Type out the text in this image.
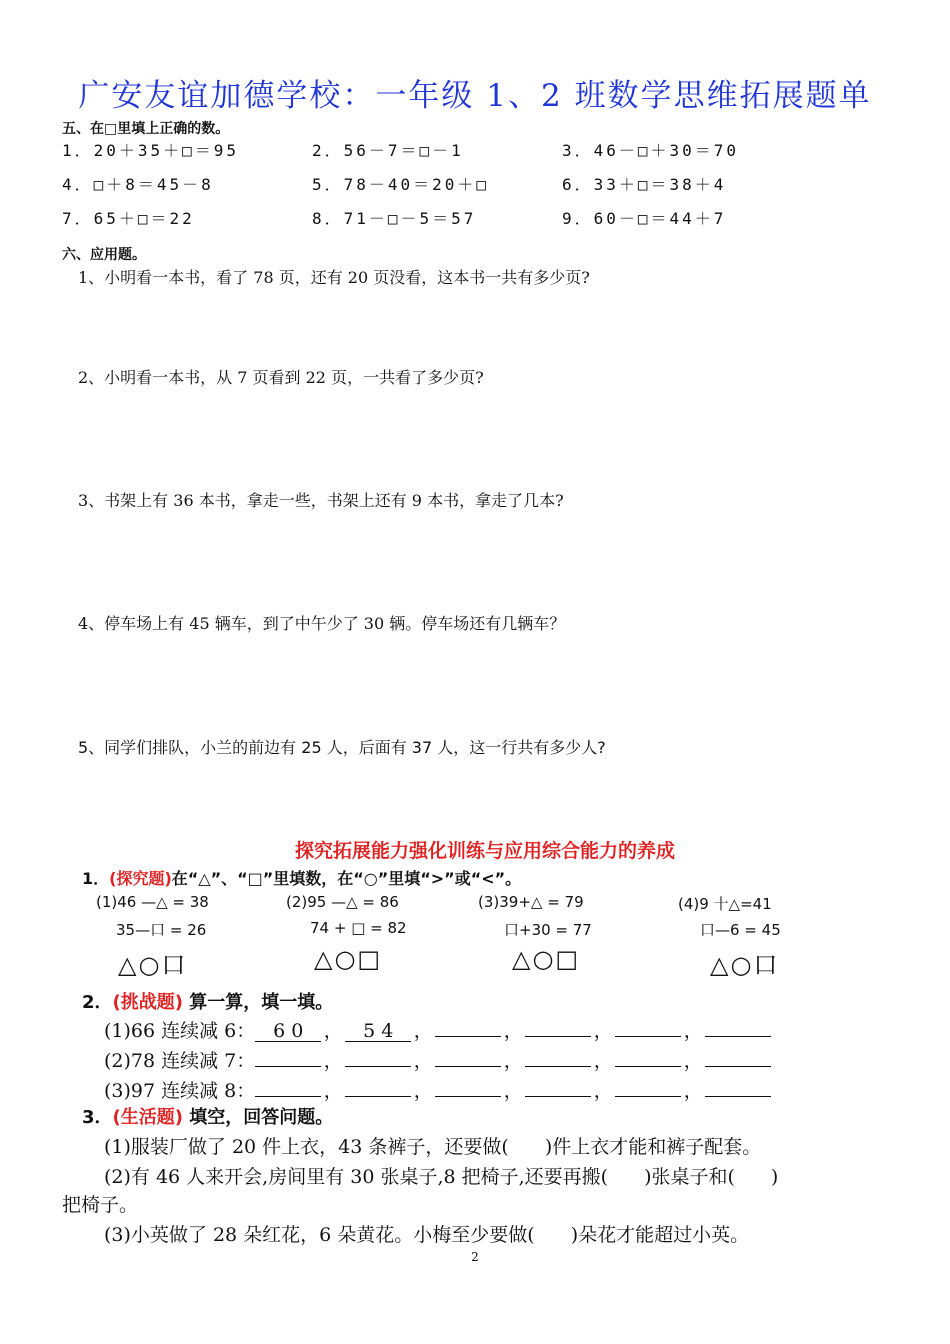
广安友谊加德学校：一年级 1、2 班数学思维拓展题单
五、在□里填上正确的数。
1．20＋35＋□＝95	2．56－7＝□－1	3．46－□＋30＝70
4．□＋8＝45－8	5．78－40＝20＋□	6．33＋□＝38＋4
7．65＋□＝22	8．71－□－5＝57	9．60－□＝44＋7
六、应用题。
1、小明看一本书，看了 78 页，还有 20 页没看，这本书一共有多少页?
2、小明看一本书，从 7 页看到 22 页，一共看了多少页?
3、书架上有 36 本书，拿走一些，书架上还有 9 本书，拿走了几本?
4、停车场上有 45 辆车，到了中午少了 30 辆。停车场还有几辆车？
5、同学们排队，小兰的前边有 25 人，后面有 37 人，这一行共有多少人?
探究拓展能力强化训练与应用综合能力的养成
1．(探究题)在“△”、“□”里填数，在“○”里填“>”或“<”。
(1)46 —△ = 38	(2)95 —△ = 86	(3)39+△ = 79	(4)9 十△=41
35—口 = 26	74 + □ = 82	口+30 = 77	口—6 = 45
△○口	△○□	△○□	△○口
2．(挑战题) 算一算，填一填。
(1)66 连续减 6： 6 0 ， 5 4 ，	，	，	，
(2)78 连续减 7：	，	，	，	，	，
(3)97 连续减 8：	，	，	，	，	，
3．(生活题) 填空，回答问题。
(1)服装厂做了 20 件上衣，43 条裤子，还要做( )件上衣才能和裤子配套。
(2)有 46 人来开会,房间里有 30 张桌子,8 把椅子,还要再搬( )张桌子和( )
把椅子。
(3)小英做了 28 朵红花，6 朵黄花。小梅至少要做( )朵花才能超过小英。
2
